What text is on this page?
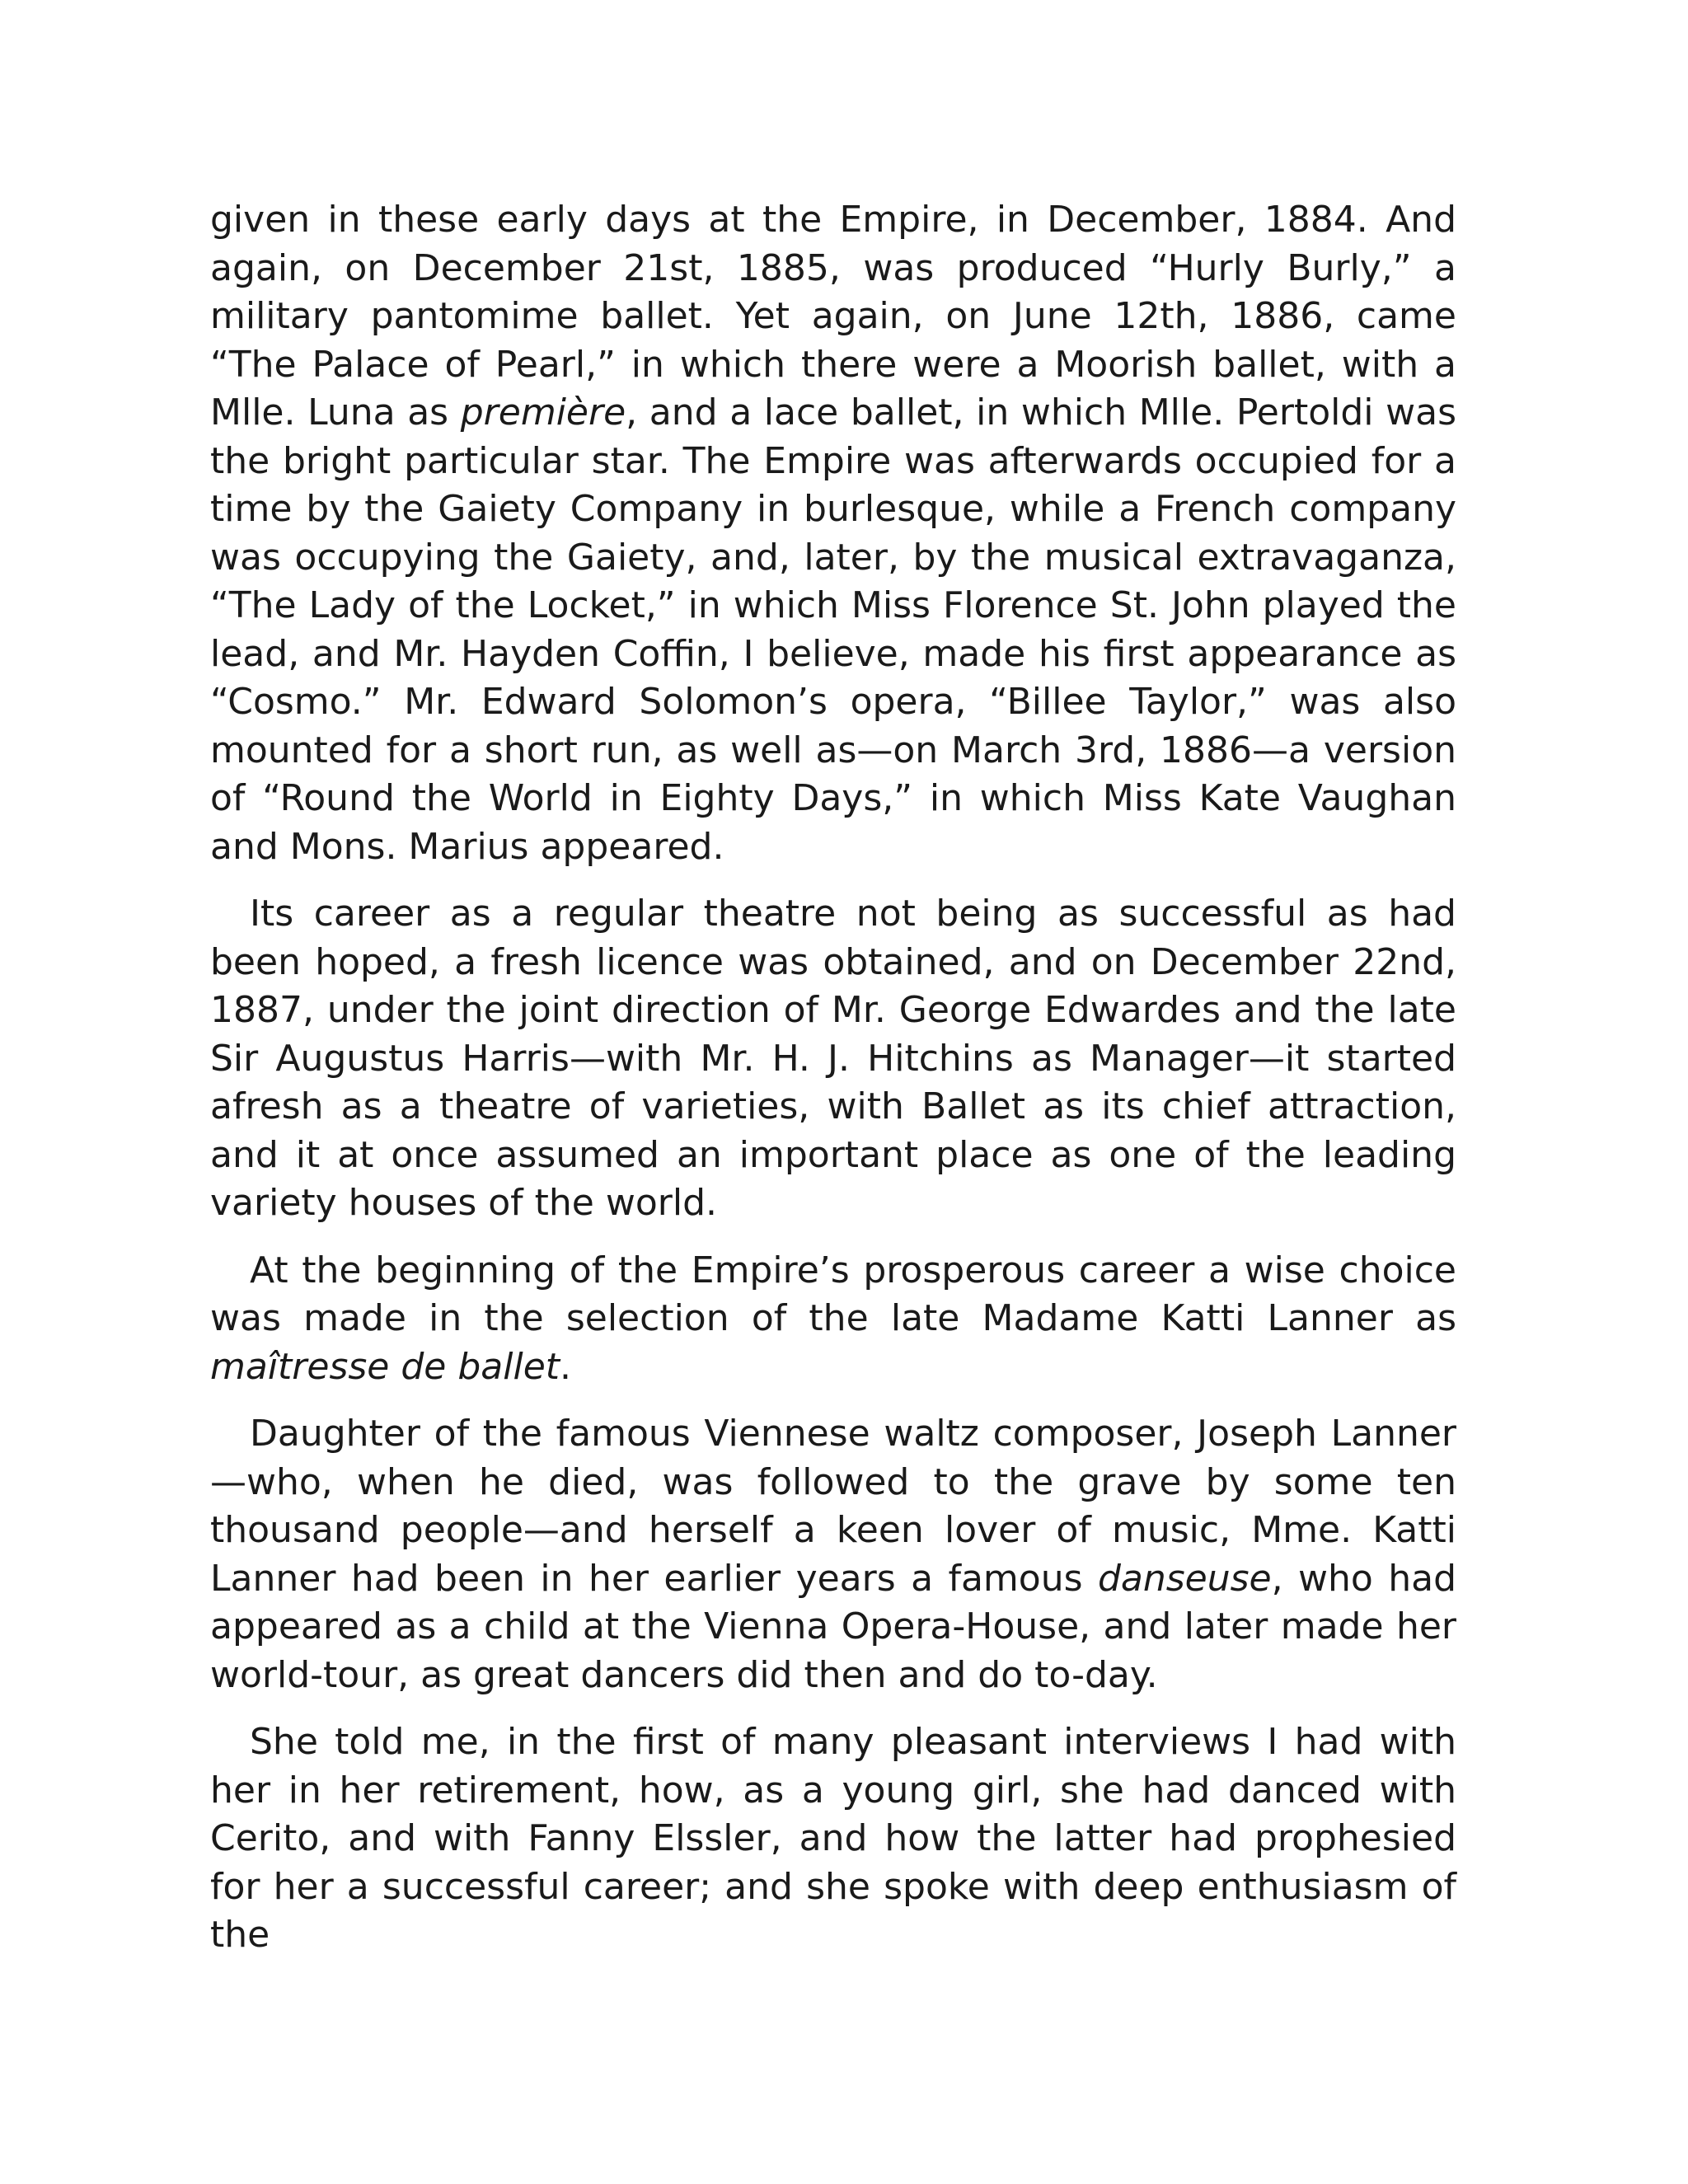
given in these early days at the Empire, in December, 1884. And again, on December 21st, 1885, was produced “Hurly Burly,” a military pantomime ballet. Yet again, on June 12th, 1886, came “The Palace of Pearl,” in which there were a Moorish ballet, with a Mlle. Luna as première, and a lace ballet, in which Mlle. Pertoldi was the bright particular star. The Empire was afterwards occupied for a time by the Gaiety Company in burlesque, while a French company was occupying the Gaiety, and, later, by the musical extravaganza, “The Lady of the Locket,” in which Miss Florence St. John played the lead, and Mr. Hayden Coffin, I believe, made his first appearance as “Cosmo.” Mr. Edward Solomon’s opera, “Billee Taylor,” was also mounted for a short run, as well as—on March 3rd, 1886—a version of “Round the World in Eighty Days,” in which Miss Kate Vaughan and Mons. Marius appeared.

Its career as a regular theatre not being as successful as had been hoped, a fresh licence was obtained, and on December 22nd, 1887, under the joint direction of Mr. George Edwardes and the late Sir Augustus Harris—with Mr. H. J. Hitchins as Manager—it started afresh as a theatre of varieties, with Ballet as its chief attraction, and it at once assumed an important place as one of the leading variety houses of the world.

At the beginning of the Empire’s prosperous career a wise choice was made in the selection of the late Madame Katti Lanner as maîtresse de ballet.

Daughter of the famous Viennese waltz composer, Joseph Lanner—who, when he died, was followed to the grave by some ten thousand people—and herself a keen lover of music, Mme. Katti Lanner had been in her earlier years a famous danseuse, who had appeared as a child at the Vienna Opera-House, and later made her world-tour, as great dancers did then and do to-day.

She told me, in the first of many pleasant interviews I had with her in her retirement, how, as a young girl, she had danced with Cerito, and with Fanny Elssler, and how the latter had prophesied for her a successful career; and she spoke with deep enthusiasm of the
